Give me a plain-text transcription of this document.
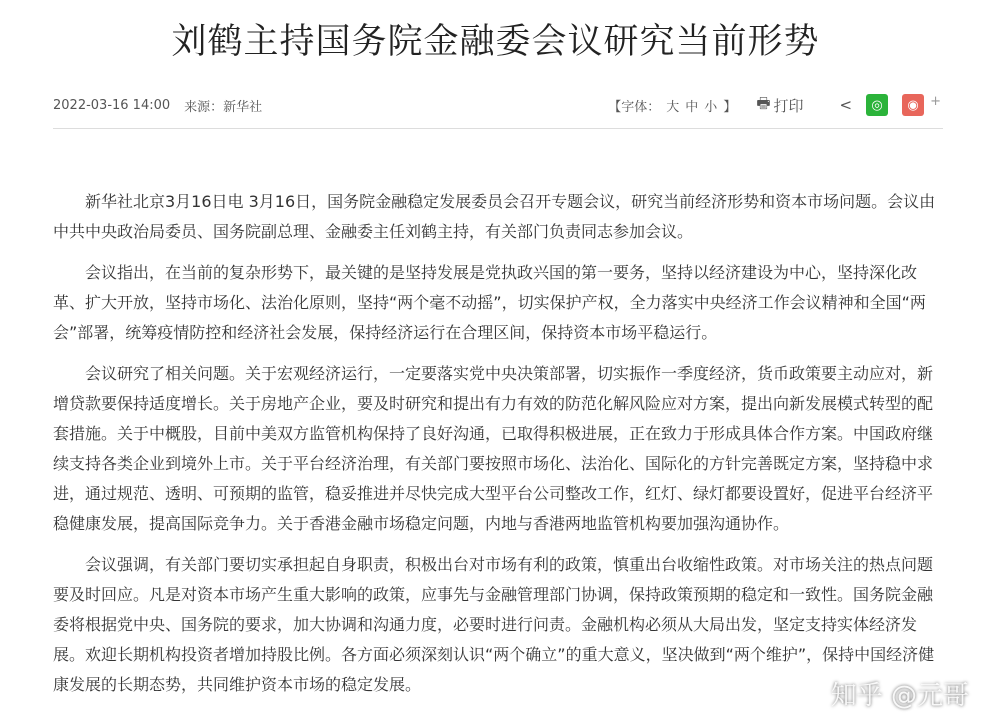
刘鹤主持国务院金融委会议研究当前形势
2022-03-16 14:00 来源： 新华社	【字体： 大 中 小 】 🖶 打印 <	◎	◉ +

新华社北京3月16日电 3月16日，国务院金融稳定发展委员会召开专题会议，研究当前经济形势和资本市场问题。会议由中共中央政治局委员、国务院副总理、金融委主任刘鹤主持，有关部门负责同志参加会议。

会议指出，在当前的复杂形势下，最关键的是坚持发展是党执政兴国的第一要务，坚持以经济建设为中心，坚持深化改革、扩大开放，坚持市场化、法治化原则，坚持“两个毫不动摇”，切实保护产权，全力落实中央经济工作会议精神和全国“两会”部署，统筹疫情防控和经济社会发展，保持经济运行在合理区间，保持资本市场平稳运行。

会议研究了相关问题。关于宏观经济运行，一定要落实党中央决策部署，切实振作一季度经济，货币政策要主动应对，新增贷款要保持适度增长。关于房地产企业，要及时研究和提出有力有效的防范化解风险应对方案，提出向新发展模式转型的配套措施。关于中概股，目前中美双方监管机构保持了良好沟通，已取得积极进展，正在致力于形成具体合作方案。中国政府继续支持各类企业到境外上市。关于平台经济治理，有关部门要按照市场化、法治化、国际化的方针完善既定方案，坚持稳中求进，通过规范、透明、可预期的监管，稳妥推进并尽快完成大型平台公司整改工作，红灯、绿灯都要设置好，促进平台经济平稳健康发展，提高国际竞争力。关于香港金融市场稳定问题，内地与香港两地监管机构要加强沟通协作。

会议强调，有关部门要切实承担起自身职责，积极出台对市场有利的政策，慎重出台收缩性政策。对市场关注的热点问题要及时回应。凡是对资本市场产生重大影响的政策，应事先与金融管理部门协调，保持政策预期的稳定和一致性。国务院金融委将根据党中央、国务院的要求，加大协调和沟通力度，必要时进行问责。金融机构必须从大局出发，坚定支持实体经济发展。欢迎长期机构投资者增加持股比例。各方面必须深刻认识“两个确立”的重大意义，坚决做到“两个维护”，保持中国经济健康发展的长期态势，共同维护资本市场的稳定发展。	知乎 @元哥
